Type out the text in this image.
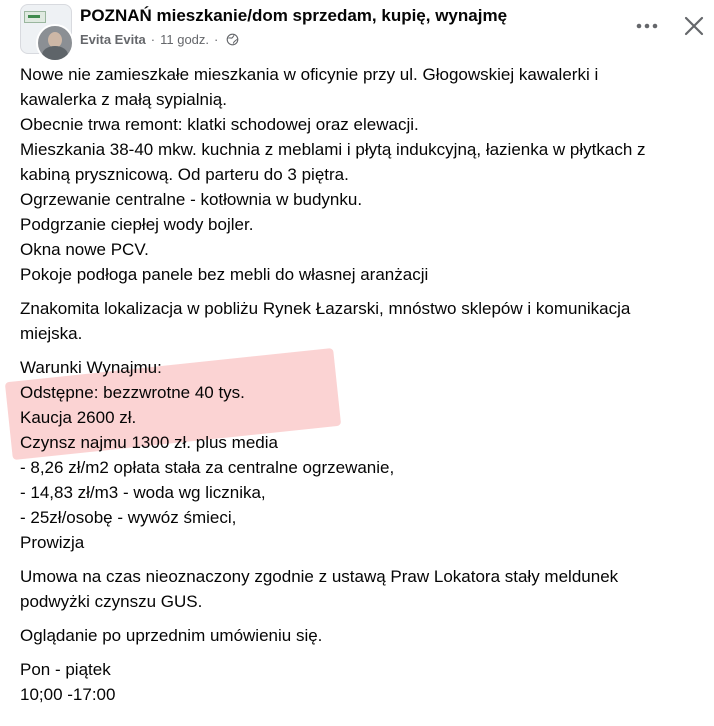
POZNAŃ mieszkanie/dom sprzedam, kupię, wynajmę
Evita Evita · 11 godz. ·
Nowe nie zamieszkałe mieszkania w oficynie przy ul. Głogowskiej kawalerki i
kawalerka z małą sypialnią.
Obecnie trwa remont: klatki schodowej oraz elewacji.
Mieszkania 38-40 mkw. kuchnia z meblami i płytą indukcyjną, łazienka w płytkach z
kabiną prysznicową. Od parteru do 3 piętra.
Ogrzewanie centralne - kotłownia w budynku.
Podgrzanie ciepłej wody bojler.
Okna nowe PCV.
Pokoje podłoga panele bez mebli do własnej aranżacji
Znakomita lokalizacja w pobliżu Rynek Łazarski, mnóstwo sklepów i komunikacja
miejska.
Warunki Wynajmu:
Odstępne: bezzwrotne 40 tys.
Kaucja 2600 zł.
Czynsz najmu 1300 zł. plus media
- 8,26 zł/m2 opłata stała za centralne ogrzewanie,
- 14,83 zł/m3 - woda wg licznika,
- 25zł/osobę - wywóz śmieci,
Prowizja
Umowa na czas nieoznaczony zgodnie z ustawą Praw Lokatora stały meldunek
podwyżki czynszu GUS.
Oglądanie po uprzednim umówieniu się.
Pon - piątek
10;00 -17:00
